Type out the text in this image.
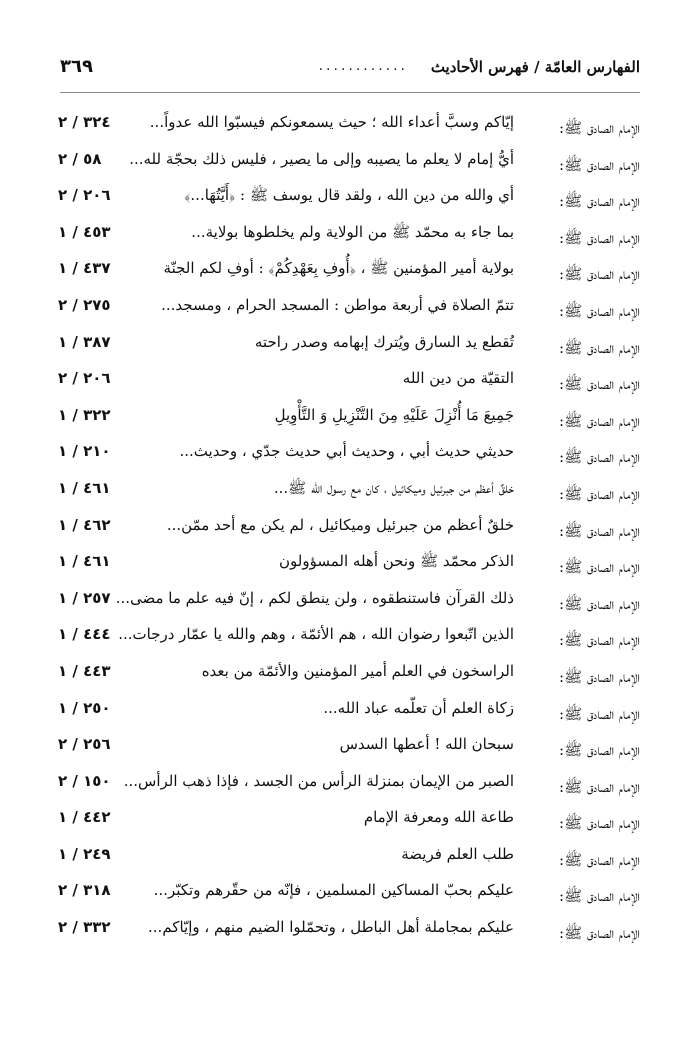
الفهارس العامّة / فهرس الأحاديث
............
٣٦٩
الإمام الصادق ﷺ:
إيّاكم وسبَّ أعداء الله ؛ حيث يسمعونكم فيسبّوا الله عدواً...
٣٢٤ / ٢
الإمام الصادق ﷺ:
أيُّ إمام لا يعلم ما يصيبه وإلى ما يصير ، فليس ذلك بحجّة لله...
٥٨ / ٢
الإمام الصادق ﷺ:
أي والله من دين الله ، ولقد قال يوسف ﷺ : ﴿أَيَّتُهَا...﴾
٢٠٦ / ٢
الإمام الصادق ﷺ:
بما جاء به محمّد ﷺ من الولاية ولم يخلطوها بولاية...
٤٥٣ / ١
الإمام الصادق ﷺ:
بولاية أمير المؤمنين ﷺ ، ﴿أُوفِ بِعَهْدِكُمْ﴾ : أوفِ لكم الجنّة
٤٣٧ / ١
الإمام الصادق ﷺ:
تتمّ الصلاة في أربعة مواطن : المسجد الحرام ، ومسجد...
٢٧٥ / ٢
الإمام الصادق ﷺ:
تُقطع يد السارق ويُترك إبهامه وصدر راحته
٣٨٧ / ١
الإمام الصادق ﷺ:
التقيّة من دين الله
٢٠٦ / ٢
الإمام الصادق ﷺ:
جَمِيعَ مَا أُنْزِلَ عَلَيْهِ مِنَ التَّنْزِيلِ وَ التَّأْوِيلِ
٣٢٢ / ١
الإمام الصادق ﷺ:
حديثي حديث أبي ، وحديث أبي حديث جدّي ، وحديث...
٢١٠ / ١
الإمام الصادق ﷺ:
خلقٌ أعظم من جبرئيل وميكائيل ، كان مع رسول الله ﷺ...
٤٦١ / ١
الإمام الصادق ﷺ:
خلقٌ أعظم من جبرئيل وميكائيل ، لم يكن مع أحد ممّن...
٤٦٢ / ١
الإمام الصادق ﷺ:
الذكر محمّد ﷺ ونحن أهله المسؤولون
٤٦١ / ١
الإمام الصادق ﷺ:
ذلك القرآن فاستنطقوه ، ولن ينطق لكم ، إنّ فيه علم ما مضى...
٢٥٧ / ١
الإمام الصادق ﷺ:
الذين اتّبعوا رضوان الله ، هم الأئمّة ، وهم والله يا عمّار درجات...
٤٤٤ / ١
الإمام الصادق ﷺ:
الراسخون في العلم أمير المؤمنين والأئمّة من بعده
٤٤٣ / ١
الإمام الصادق ﷺ:
زكاة العلم أن تعلّمه عباد الله...
٢٥٠ / ١
الإمام الصادق ﷺ:
سبحان الله ! أعطها السدس
٢٥٦ / ٢
الإمام الصادق ﷺ:
الصبر من الإيمان بمنزلة الرأس من الجسد ، فإذا ذهب الرأس...
١٥٠ / ٢
الإمام الصادق ﷺ:
طاعة الله ومعرفة الإمام
٤٤٢ / ١
الإمام الصادق ﷺ:
طلب العلم فريضة
٢٤٩ / ١
الإمام الصادق ﷺ:
عليكم بحبّ المساكين المسلمين ، فإنّه من حقّرهم وتكبّر...
٣١٨ / ٢
الإمام الصادق ﷺ:
عليكم بمجاملة أهل الباطل ، وتحمّلوا الضيم منهم ، وإيّاكم...
٣٣٢ / ٢
